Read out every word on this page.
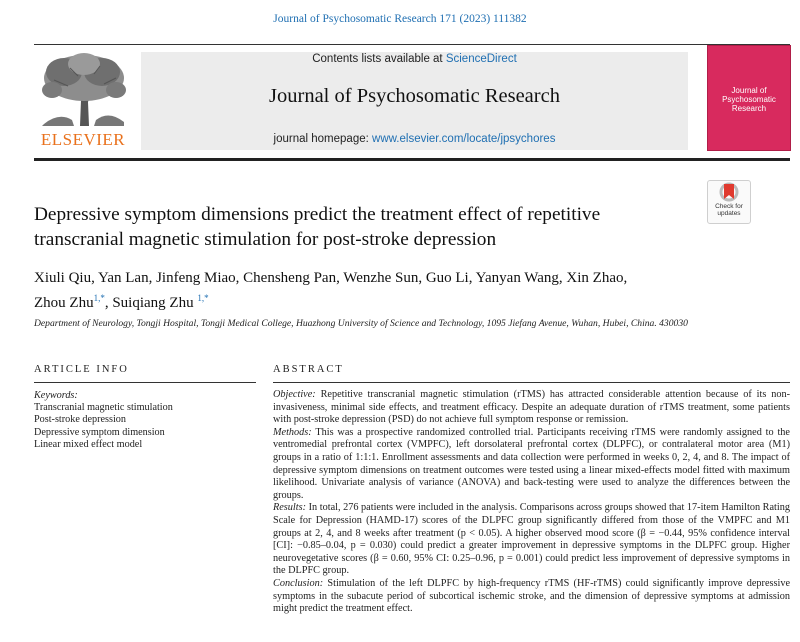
Journal of Psychosomatic Research 171 (2023) 111382
ELSEVIER
Contents lists available at ScienceDirect
Journal of Psychosomatic Research
journal homepage: www.elsevier.com/locate/jpsychores
Journal of Psychosomatic Research
Check for updates
Depressive symptom dimensions predict the treatment effect of repetitive transcranial magnetic stimulation for post-stroke depression
Xiuli Qiu, Yan Lan, Jinfeng Miao, Chensheng Pan, Wenzhe Sun, Guo Li, Yanyan Wang, Xin Zhao,
Zhou Zhu$^{1,*}$, Suiqiang Zhu $^{1,*}$
Department of Neurology, Tongji Hospital, Tongji Medical College, Huazhong University of Science and Technology, 1095 Jiefang Avenue, Wuhan, Hubei, China. 430030
ARTICLE INFO
Keywords:
Transcranial magnetic stimulation
Post-stroke depression
Depressive symptom dimension
Linear mixed effect model
ABSTRACT

Objective: Repetitive transcranial magnetic stimulation (rTMS) has attracted considerable attention because of its non-invasiveness, minimal side effects, and treatment efficacy. Despite an adequate duration of rTMS treatment, some patients with post-stroke depression (PSD) do not achieve full symptom response or remission.

Methods: This was a prospective randomized controlled trial. Participants receiving rTMS were randomly assigned to the ventromedial prefrontal cortex (VMPFC), left dorsolateral prefrontal cortex (DLPFC), or contralateral motor area (M1) groups in a ratio of 1:1:1. Enrollment assessments and data collection were performed in weeks 0, 2, 4, and 8. The impact of depressive symptom dimensions on treatment outcomes were tested using a linear mixed-effects model fitted with maximum likelihood. Univariate analysis of variance (ANOVA) and back-testing were used to analyze the differences between the groups.

Results: In total, 276 patients were included in the analysis. Comparisons across groups showed that 17-item Hamilton Rating Scale for Depression (HAMD-17) scores of the DLPFC group significantly differed from those of the VMPFC and M1 groups at 2, 4, and 8 weeks after treatment (p < 0.05). A higher observed mood score (β = −0.44, 95% confidence interval [CI]: −0.85–0.04, p = 0.030) could predict a greater improvement in depressive symptoms in the DLPFC group. Higher neurovegetative scores (β = 0.60, 95% CI: 0.25–0.96, p = 0.001) could predict less improvement of depressive symptoms in the DLPFC group.

Conclusion: Stimulation of the left DLPFC by high-frequency rTMS (HF-rTMS) could significantly improve depressive symptoms in the subacute period of subcortical ischemic stroke, and the dimension of depressive symptoms at admission might predict the treatment effect.
